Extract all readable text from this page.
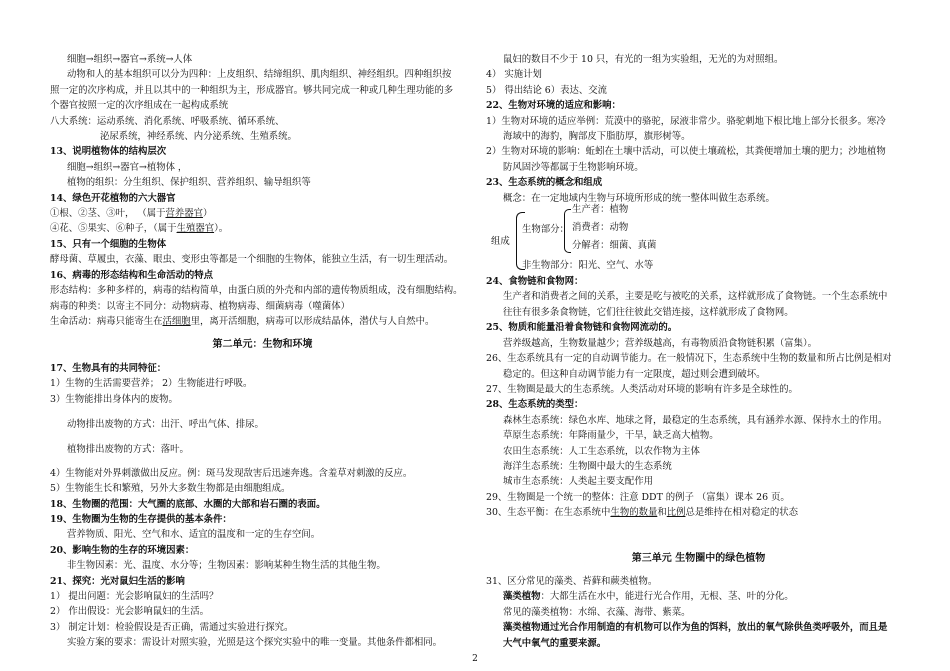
细胞→组织→器官→系统→人体
动物和人的基本组织可以分为四种：上皮组织、结缔组织、肌肉组织、神经组织。四种组织按
照一定的次序构成，并且以其中的一种组织为主，形成器官。够共同完成一种或几种生理功能的多
个器官按照一定的次序组成在一起构成系统
八大系统：运动系统、消化系统、呼吸系统、循环系统、
泌尿系统，神经系统、内分泌系统、生殖系统。
13、说明植物体的结构层次
细胞→组织→器官→植物体 ，
植物的组织：分生组织、保护组织、营养组织、输导组织等
14、绿色开花植物的六大器官
①根、②茎、③叶， （属于营养器官）
④花、⑤果实、⑥种子，（属于生殖器官）。
15、只有一个细胞的生物体
酵母菌、草履虫，衣藻、眼虫、变形虫等都是一个细胞的生物体，能独立生活，有一切生理活动。
16、病毒的形态结构和生命活动的特点
形态结构：多种多样的，病毒的结构简单，由蛋白质的外壳和内部的遗传物质组成，没有细胞结构。
病毒的种类：以寄主不同分：动物病毒、植物病毒、细菌病毒（噬菌体）
生命活动：病毒只能寄生在活细胞里，离开活细胞，病毒可以形成结晶体，潜伏与人自然中。
第二单元：生物和环境
17、生物具有的共同特征：
1）生物的生活需要营养； 2）生物能进行呼吸。
3）生物能排出身体内的废物。
动物排出废物的方式：出汗、呼出气体、排尿。
植物排出废物的方式：落叶。
4）生物能对外界刺激做出反应。例：斑马发现敌害后迅速奔逃。含羞草对刺激的反应。
5）生物能生长和繁殖，另外大多数生物都是由细胞组成。
18、生物圈的范围：大气圈的底部、水圈的大部和岩石圈的表面。
19、生物圈为生物的生存提供的基本条件：
营养物质、阳光、空气和水、适宜的温度和一定的生存空间。
20、影响生物的生存的环境因素：
非生物因素：光、温度、水分等；生物因素：影响某种生物生活的其他生物。
21、探究：光对鼠妇生活的影响
1） 提出问题：光会影响鼠妇的生活吗？
2） 作出假设：光会影响鼠妇的生活。
3） 制定计划：检验假设是否正确，需通过实验进行探究。
实验方案的要求：需设计对照实验，光照是这个探究实验中的唯一变量。其他条件都相同。
鼠妇的数目不少于 10 只，有光的一组为实验组，无光的为对照组。
4） 实施计划
5） 得出结论 6）表达、交流
22、生物对环境的适应和影响：
1）生物对环境的适应举例：荒漠中的骆驼，尿液非常少。骆驼刺地下根比地上部分长很多。寒冷
海域中的海豹，胸部皮下脂肪厚，旗形树等。
2）生物对环境的影响：蚯蚓在土壤中活动，可以使土壤疏松，其粪便增加土壤的肥力；沙地植物
防风固沙等都属于生物影响环境。
23、生态系统的概念和组成
概念：在一定地域内生物与环境所形成的统一整体叫做生态系统。
组成
生物部分：
生产者：植物
消费者：动物
分解者：细菌、真菌
非生物部分：阳光、空气、水等
24、食物链和食物网：
生产者和消费者之间的关系，主要是吃与被吃的关系，这样就形成了食物链。一个生态系统中
往往有很多条食物链，它们往往彼此交错连接，这样就形成了食物网。
25、物质和能量沿着食物链和食物网流动的。
营养级越高，生物数量越少；营养级越高，有毒物质沿食物链积累（富集）。
26、生态系统具有一定的自动调节能力。在一般情况下，生态系统中生物的数量和所占比例是相对
稳定的。但这种自动调节能力有一定限度，超过则会遭到破坏。
27、生物圈是最大的生态系统。人类活动对环境的影响有许多是全球性的。
28、生态系统的类型：
森林生态系统：绿色水库、地球之肾，最稳定的生态系统，具有涵养水源、保持水土的作用。
草原生态系统：年降雨量少，干旱，缺乏高大植物。
农田生态系统：人工生态系统，以农作物为主体
海洋生态系统：生物圈中最大的生态系统
城市生态系统：人类起主要支配作用
29、生物圈是一个统一的整体：注意 DDT 的例子 （富集）课本 26 页。
30、生态平衡：在生态系统中生物的数量和比例总是维持在相对稳定的状态
第三单元 生物圈中的绿色植物
31、区分常见的藻类、苔藓和蕨类植物。
藻类植物：大都生活在水中，能进行光合作用，无根、茎、叶的分化。
常见的藻类植物：水绵、衣藻、海带、紫菜。
藻类植物通过光合作用制造的有机物可以作为鱼的饵料，放出的氧气除供鱼类呼吸外，而且是
大气中氧气的重要来源。
2
